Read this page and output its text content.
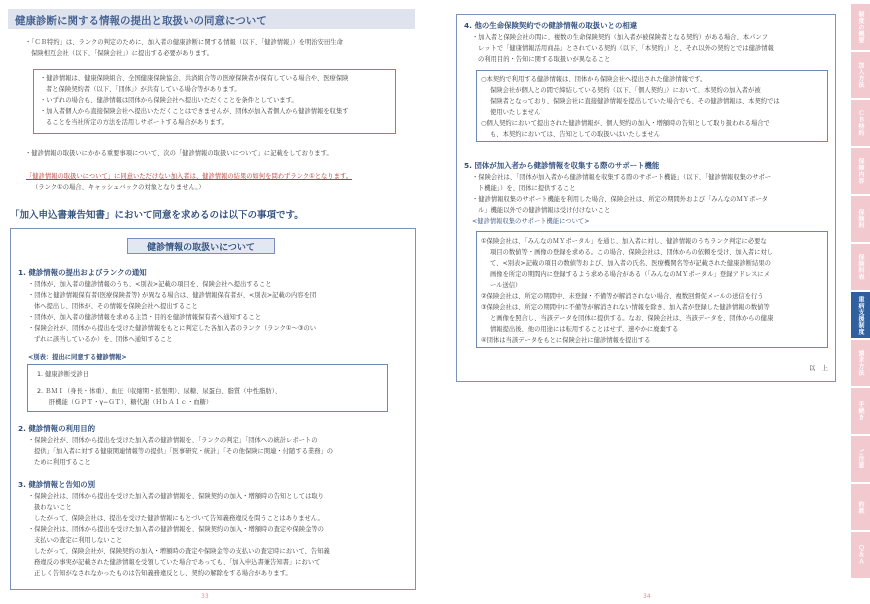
健康診断に関する情報の提出と取扱いの同意について
・「ＣＢ特約」は、ランクの判定のために、加入者の健康診断に関する情報（以下、「健診情報」）を明治安田生命
保険相互会社（以下、「保険会社」）に提出する必要があります。
・健診情報は、健康保険組合、全国健康保険協会、共済組合等の医療保険者が保有している場合や、医療保険
者と保険契約者（以下、「団体」）が共有している場合等があります。
・いずれの場合も、健診情報は団体から保険会社へ提出いただくことを条件としています。
・加入者個人から直接保険会社へ提出いただくことはできませんが、団体が加入者個人から健診情報を収集す
ることを当社所定の方法を活用しサポートする場合があります。
・健診情報の取扱いにかかる重要事項について、次の「健診情報の取扱いについて」に記載をしております。
「健診情報の取扱いについて」に同意いただけない加入者は、健診情報の結果の如何を問わずランク①となります。
（ランク①の場合、キャッシュバックの対象となりません。）
「加入申込書兼告知書」において同意を求めるのは以下の事項です。
健診情報の取扱いについて
1. 健診情報の提出およびランクの通知
・団体が、加入者の健診情報のうち、<別表>記載の項目を、保険会社へ提出すること
・団体と健診情報保有者(医療保険者等) が異なる場合は、健診情報保有者が、<別表>記載の内容を団
体へ提出し、団体が、その情報を保険会社へ提出すること
・団体が、加入者の健診情報を求める主旨・目的を健診情報保有者へ通知すること
・保険会社が、団体から提出を受けた健診情報をもとに判定した各加入者のランク（ランク①～③のい
ずれに該当しているか）を、団体へ通知すること
<別表：提出に同意する健診情報>
1. 健康診断受診日
2. ＢＭＩ（身長・体重）、血圧（収縮期・拡張期）、尿糖、尿蛋白、脂質（中性脂肪）、
肝機能（ＧＰＴ・γ−ＧＴ）、糖代謝（ＨｂＡ１ｃ・血糖）
2. 健診情報の利用目的
・保険会社が、団体から提出を受けた加入者の健診情報を、「ランクの判定」「団体への統計レポートの
提供」「加入者に対する健康関連情報等の提供」「医事研究・統計」「その他保険に関連・付随する業務」の
ために利用すること
3. 健診情報と告知の別
・保険会社は、団体から提出を受けた加入者の健診情報を、保険契約の加入・増額時の告知としては取り
扱わないこと
したがって、保険会社は、提出を受けた健診情報にもとづいて告知義務違反を問うことはありません。
・保険会社は、団体から提出を受けた加入者の健診情報を、保険契約の加入・増額時の査定や保険金等の
支払いの査定に利用しないこと
したがって、保険会社が、保険契約の加入・増額時の査定や保険金等の支払いの査定時において、告知義
務違反の事実が記載された健診情報を受領していた場合であっても、「加入申込書兼告知書」において
正しく告知がなされなかったものは告知義務違反とし、契約の解除をする場合があります。
33
4. 他の生命保険契約での健診情報の取扱いとの相違
・加入者と保険会社の間に、複数の生命保険契約（加入者が被保険者となる契約）がある場合、本パンフ
レットで「健康情報活用商品」とされている契約（以下、「本契約」）と、それ以外の契約とでは健診情報
の利用目的・告知に関する取扱いが異なること
○本契約で利用する健診情報は、団体から保険会社へ提出された健診情報です。
保険会社が個人との間で締結している契約（以下、「個人契約」）において、本契約の加入者が被
保険者となっており、保険会社に直接健診情報を提出していた場合でも、その健診情報は、本契約では
使用いたしません
○個人契約において提出された健診情報が、個人契約の加入・増額時の告知として取り扱われる場合で
も、本契約においては、告知としての取扱いはいたしません
5. 団体が加入者から健診情報を収集する際のサポート機能
・保険会社は、「団体が加入者から健診情報を収集する際のサポート機能」（以下、「健診情報収集のサポー
ト機能」）を、団体に提供すること
・健診情報収集のサポート機能を利用した場合、保険会社は、所定の期間外および「みんなのＭＹポータ
ル」機能以外での健診情報は受け付けないこと
<健診情報収集のサポート機能について>
①保険会社は、「みんなのＭＹポータル」を通じ、加入者に対し、健診情報のうちランク判定に必要な
項目の数値等・画像の登録を求める。この場合、保険会社は、団体からの依頼を受け、加入者に対し
て、<別表>記載の項目の数値等および、加入者の氏名、医療機関名等が記載された健康診断結果の
画像を所定の期間内に登録するよう求める場合がある（「みんなのＭＹポータル」登録アドレスにメ
ール送信）
②保険会社は、所定の期間中、未登録・不備等が解消されない場合、複数回督促メールの送信を行う
③保険会社は、所定の期間中に不備等が解消されない情報を除き、加入者が登録した健診情報の数値等
と画像を照合し、当該データを団体に提供する。なお、保険会社は、当該データを、団体からの健康
情報提出後、他の用途には転用することはせず、速やかに廃棄する
④団体は当該データをもとに保険会社に健診情報を提出する
以　上
34
制度の概要
加入方法
ＣＢ特約
保障内容
保険料
保険料表
重病支援制度
請求方法
手続き
ご注意
約款
Ｑ＆Ａ
